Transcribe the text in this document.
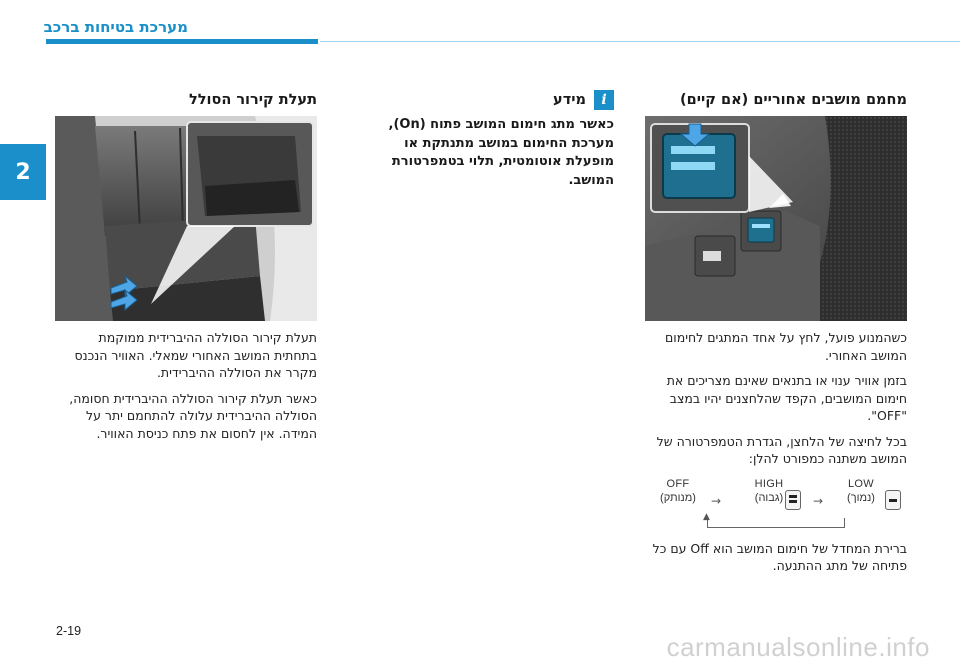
מערכת בטיחות ברכב
2
מחמם מושבים אחוריים (אם קיים)

כשהמנוע פועל, לחץ על אחד המתגים לחימום המושב האחורי.

בזמן אוויר ענוי או בתנאים שאינם מצריכים את חימום המושבים, הקפד שהלחצנים יהיו במצב "OFF".

בכל לחיצה של הלחצן, הגדרת הטמפרטורה של המושב משתנה כמפורט להלן:

OFF
(מנותק)	→
HIGH
(גבוה)	→
LOW
(נמוך)
▲

ברירת המחדל של חימום המושב הוא Off עם כל פתיחה של מתג ההתנעה.

i
מידע

כאשר מתג חימום המושב פתוח (On), מערכת החימום במושב מתנתקת או מופעלת אוטומטית, תלוי בטמפרטורת המושב.

תעלת קירור הסולל

תעלת קירור הסוללה ההיברידית ממוקמת בתחתית המושב האחורי שמאלי. האוויר הנכנס מקרר את הסוללה ההיברידית.

כאשר תעלת קירור הסוללה ההיברידית חסומה, הסוללה ההיברידית עלולה להתחמם יתר על המידה. אין לחסום את פתח כניסת האוויר.

2-19
carmanualsonline.info
